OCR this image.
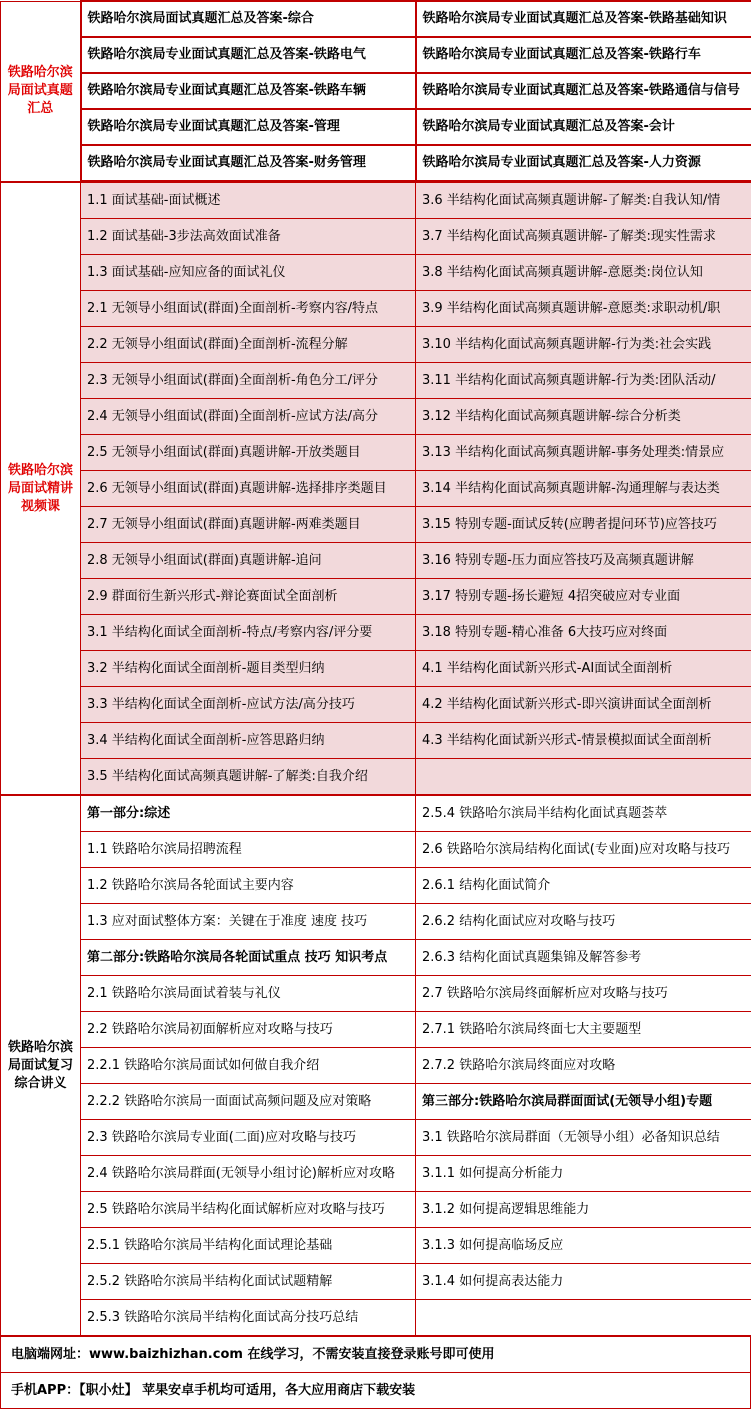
铁路哈尔滨局面试真题汇总	铁路哈尔滨局面试真题汇总及答案-综合	铁路哈尔滨局专业面试真题汇总及答案-铁路基础知识
	铁路哈尔滨局专业面试真题汇总及答案-铁路电气	铁路哈尔滨局专业面试真题汇总及答案-铁路行车
	铁路哈尔滨局专业面试真题汇总及答案-铁路车辆	铁路哈尔滨局专业面试真题汇总及答案-铁路通信与信号
	铁路哈尔滨局专业面试真题汇总及答案-管理	铁路哈尔滨局专业面试真题汇总及答案-会计
	铁路哈尔滨局专业面试真题汇总及答案-财务管理	铁路哈尔滨局专业面试真题汇总及答案-人力资源
铁路哈尔滨局面试精讲视频课	1.1 面试基础-面试概述	3.6 半结构化面试高频真题讲解-了解类:自我认知/情
	1.2 面试基础-3步法高效面试准备	3.7 半结构化面试高频真题讲解-了解类:现实性需求
	1.3 面试基础-应知应备的面试礼仪	3.8 半结构化面试高频真题讲解-意愿类:岗位认知
	2.1 无领导小组面试(群面)全面剖析-考察内容/特点	3.9 半结构化面试高频真题讲解-意愿类:求职动机/职
	2.2 无领导小组面试(群面)全面剖析-流程分解	3.10 半结构化面试高频真题讲解-行为类:社会实践
	2.3 无领导小组面试(群面)全面剖析-角色分工/评分	3.11 半结构化面试高频真题讲解-行为类:团队活动/
	2.4 无领导小组面试(群面)全面剖析-应试方法/高分	3.12 半结构化面试高频真题讲解-综合分析类
	2.5 无领导小组面试(群面)真题讲解-开放类题目	3.13 半结构化面试高频真题讲解-事务处理类:情景应
	2.6 无领导小组面试(群面)真题讲解-选择排序类题目	3.14 半结构化面试高频真题讲解-沟通理解与表达类
	2.7 无领导小组面试(群面)真题讲解-两难类题目	3.15 特别专题-面试反转(应聘者提问环节)应答技巧
	2.8 无领导小组面试(群面)真题讲解-追问	3.16 特别专题-压力面应答技巧及高频真题讲解
	2.9 群面衍生新兴形式-辩论赛面试全面剖析	3.17 特别专题-扬长避短 4招突破应对专业面
	3.1 半结构化面试全面剖析-特点/考察内容/评分要	3.18 特别专题-精心准备 6大技巧应对终面
	3.2 半结构化面试全面剖析-题目类型归纳	4.1 半结构化面试新兴形式-AI面试全面剖析
	3.3 半结构化面试全面剖析-应试方法/高分技巧	4.2 半结构化面试新兴形式-即兴演讲面试全面剖析
	3.4 半结构化面试全面剖析-应答思路归纳	4.3 半结构化面试新兴形式-情景模拟面试全面剖析
	3.5 半结构化面试高频真题讲解-了解类:自我介绍	
铁路哈尔滨局面试复习综合讲义	第一部分:综述	2.5.4 铁路哈尔滨局半结构化面试真题荟萃
	1.1 铁路哈尔滨局招聘流程	2.6 铁路哈尔滨局结构化面试(专业面)应对攻略与技巧
	1.2 铁路哈尔滨局各轮面试主要内容	2.6.1 结构化面试简介
	1.3 应对面试整体方案：关键在于准度 速度 技巧	2.6.2 结构化面试应对攻略与技巧
	第二部分:铁路哈尔滨局各轮面试重点 技巧 知识考点	2.6.3 结构化面试真题集锦及解答参考
	2.1 铁路哈尔滨局面试着装与礼仪	2.7 铁路哈尔滨局终面解析应对攻略与技巧
	2.2 铁路哈尔滨局初面解析应对攻略与技巧	2.7.1 铁路哈尔滨局终面七大主要题型
	2.2.1 铁路哈尔滨局面试如何做自我介绍	2.7.2 铁路哈尔滨局终面应对攻略
	2.2.2 铁路哈尔滨局一面面试高频问题及应对策略	第三部分:铁路哈尔滨局群面面试(无领导小组)专题
	2.3 铁路哈尔滨局专业面(二面)应对攻略与技巧	3.1 铁路哈尔滨局群面（无领导小组）必备知识总结
	2.4 铁路哈尔滨局群面(无领导小组讨论)解析应对攻略	3.1.1 如何提高分析能力
	2.5 铁路哈尔滨局半结构化面试解析应对攻略与技巧	3.1.2 如何提高逻辑思维能力
	2.5.1 铁路哈尔滨局半结构化面试理论基础	3.1.3 如何提高临场反应
	2.5.2 铁路哈尔滨局半结构化面试试题精解	3.1.4 如何提高表达能力
	2.5.3 铁路哈尔滨局半结构化面试高分技巧总结	
电脑端网址：www.baizhizhan.com 在线学习，不需安装直接登录账号即可使用
手机APP：【职小灶】 苹果安卓手机均可适用，各大应用商店下载安装
